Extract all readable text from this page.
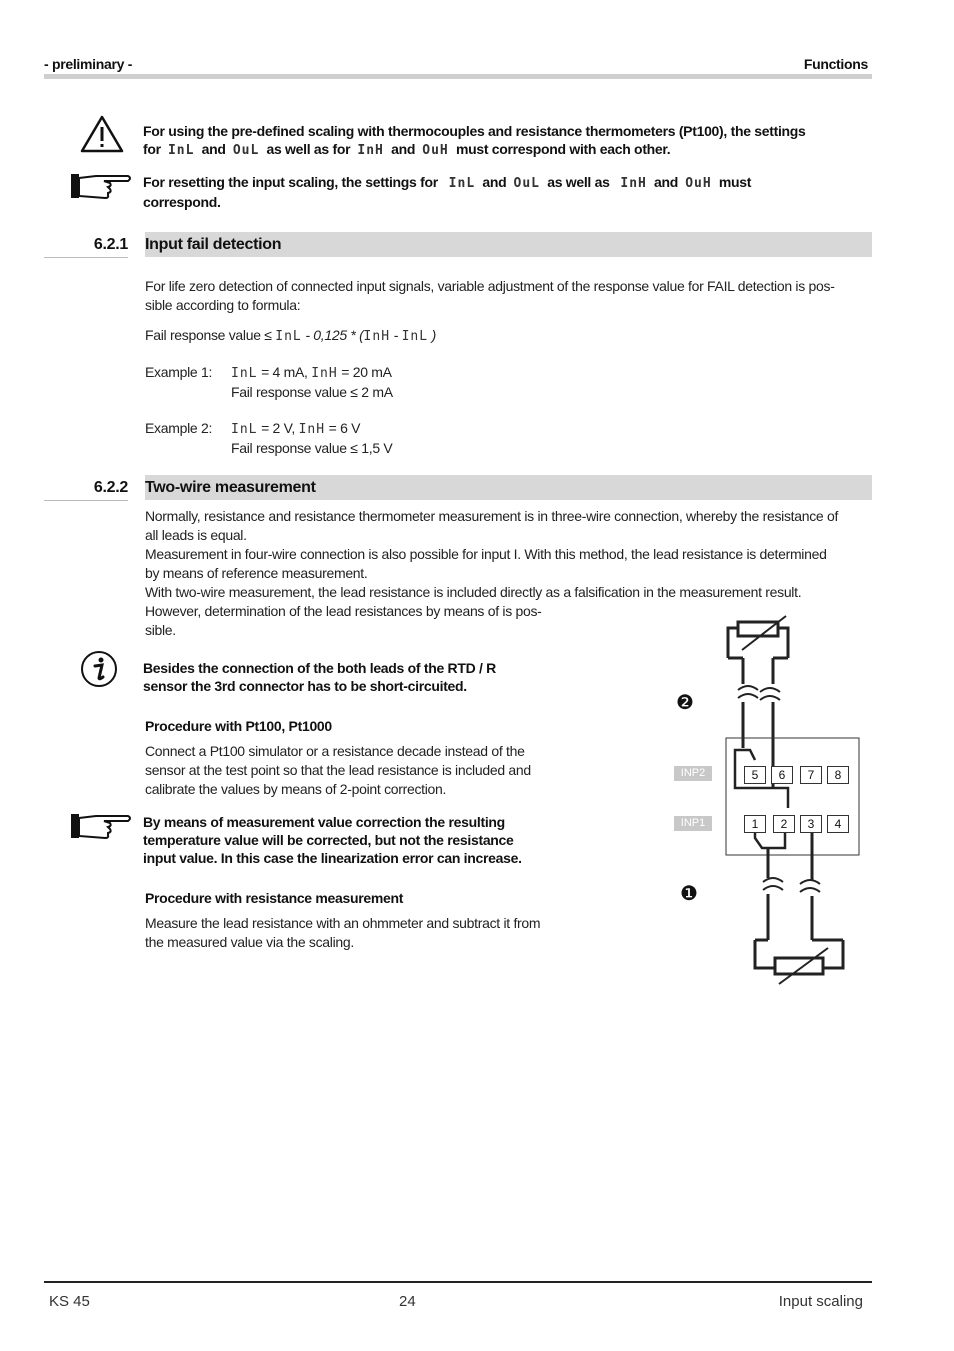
- preliminary -	Functions
For using the pre-defined scaling with thermocouples and resistance thermometers (Pt100), the settings
for InL and OuL as well as for InH and OuH must correspond with each other.
For resetting the input scaling, the settings for InL and OuL as well as InH and OuH must
correspond.
6.2.1 Input fail detection
For life zero detection of connected input signals, variable adjustment of the response value for FAIL detection is pos-
sible according to formula:
Fail response value ≤ InL - 0,125 * (InH - InL )
Example 1: InL = 4 mA, InH = 20 mA
Fail response value ≤ 2 mA
Example 2: InL = 2 V, InH = 6 V
Fail response value ≤ 1,5 V
6.2.2 Two-wire measurement
Normally, resistance and resistance thermometer measurement is in three-wire connection, whereby the resistance of
all leads is equal.
Measurement in four-wire connection is also possible for input I. With this method, the lead resistance is determined
by means of reference measurement.
With two-wire measurement, the lead resistance is included directly as a falsification in the measurement result.
However, determination of the lead resistances by means of is pos-
sible.
Besides the connection of the both leads of the RTD / R
sensor the 3rd connector has to be short-circuited.
Procedure with Pt100, Pt1000
Connect a Pt100 simulator or a resistance decade instead of the
sensor at the test point so that the lead resistance is included and
calibrate the values by means of 2-point correction.
By means of measurement value correction the resulting
temperature value will be corrected, but not the resistance
input value. In this case the linearization error can increase.
Procedure with resistance measurement
Measure the lead resistance with an ohmmeter and subtract it from
the measured value via the scaling.
❷
❶
INP2
INP1
5	6	7	8
1	2	3	4
KS 45	24	Input scaling
